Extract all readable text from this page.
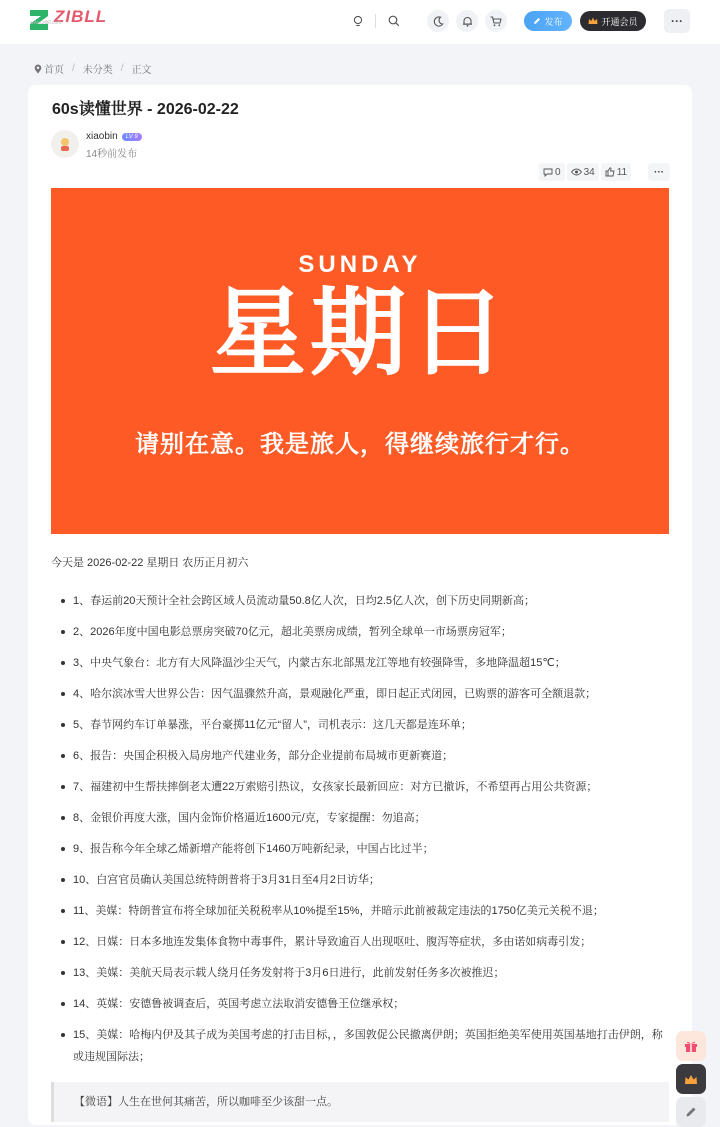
ZIBLL
www.zibll.com	发布	开通会员	···
首页 / 未分类 / 正文
60s读懂世界 - 2026-02-22
xiaobin	LV 9
14秒前发布
0 34 11	···
SUNDAY
星期日
请别在意。我是旅人，得继续旅行才行。
今天是 2026-02-22 星期日 农历正月初六
1、春运前20天预计全社会跨区域人员流动量50.8亿人次，日均2.5亿人次，创下历史同期新高；
2、2026年度中国电影总票房突破70亿元，超北美票房成绩，暂列全球单一市场票房冠军；
3、中央气象台：北方有大风降温沙尘天气，内蒙古东北部黑龙江等地有较强降雪，多地降温超15℃；
4、哈尔滨冰雪大世界公告：因气温骤然升高，景观融化严重，即日起正式闭园，已购票的游客可全额退款；
5、春节网约车订单暴涨，平台豪掷11亿元“留人”，司机表示：这几天都是连环单；
6、报告：央国企积极入局房地产代建业务，部分企业提前布局城市更新赛道；
7、福建初中生帮扶摔倒老太遭22万索赔引热议，女孩家长最新回应：对方已撤诉，不希望再占用公共资源；
8、金银价再度大涨，国内金饰价格逼近1600元/克，专家提醒：勿追高；
9、报告称今年全球乙烯新增产能将创下1460万吨新纪录，中国占比过半；
10、白宫官员确认美国总统特朗普将于3月31日至4月2日访华；
11、美媒：特朗普宣布将全球加征关税税率从10%提至15%，并暗示此前被裁定违法的1750亿美元关税不退；
12、日媒：日本多地连发集体食物中毒事件，累计导致逾百人出现呕吐、腹泻等症状，多由诺如病毒引发；
13、美媒：美航天局表示载人绕月任务发射将于3月6日进行，此前发射任务多次被推迟；
14、英媒：安德鲁被调查后，英国考虑立法取消安德鲁王位继承权；
15、美媒：哈梅内伊及其子成为美国考虑的打击目标，，多国敦促公民撤离伊朗；英国拒绝美军使用英国基地打击伊朗，称或违规国际法；
【微语】人生在世何其痛苦，所以咖啡至少该甜一点。
